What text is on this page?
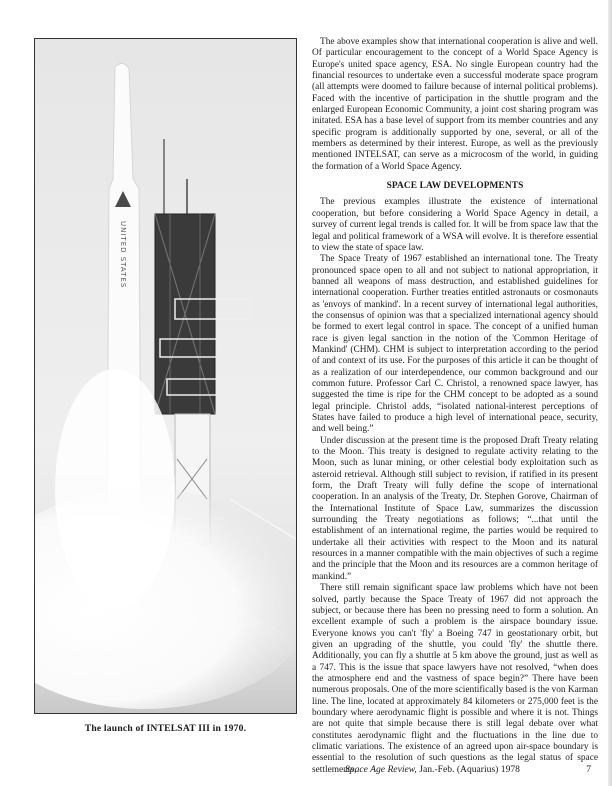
UNITED STATES
The launch of INTELSAT III in 1970.

The above examples show that international cooperation is alive and well. Of particular encouragement to the concept of a World Space Agency is Europe's united space agency, ESA. No single European country had the financial resources to undertake even a successful moderate space program (all attempts were doomed to failure because of internal political problems). Faced with the incentive of participation in the shuttle program and the enlarged European Economic Community, a joint cost sharing program was initated. ESA has a base level of support from its member countries and any specific program is additionally supported by one, several, or all of the members as determined by their interest. Europe, as well as the previously mentioned INTELSAT, can serve as a microcosm of the world, in guiding the formation of a World Space Agency.

SPACE LAW DEVELOPMENTS

The previous examples illustrate the existence of international cooperation, but before considering a World Space Agency in detail, a survey of current legal trends is called for. It will be from space law that the legal and political framework of a WSA will evolve. It is therefore essential to view the state of space law.

The Space Treaty of 1967 established an international tone. The Treaty pronounced space open to all and not subject to national appropriation, it banned all weapons of mass destruction, and established guidelines for international cooperation. Further treaties entitled astronauts or cosmonauts as 'envoys of mankind'. In a recent survey of international legal authorities, the consensus of opinion was that a specialized international agency should be formed to exert legal control in space. The concept of a unified human race is given legal sanction in the notion of the 'Common Heritage of Mankind' (CHM). CHM is subject to interpretation according to the period of and context of its use. For the purposes of this article it can be thought of as a realization of our interdependence, our common background and our common future. Professor Carl C. Christol, a renowned space lawyer, has suggested the time is ripe for the CHM concept to be adopted as a sound legal principle. Christol adds, “isolated national-interest perceptions of States have failed to produce a high level of international peace, security, and well being.”

Under discussion at the present time is the proposed Draft Treaty relating to the Moon. This treaty is designed to regulate activity relating to the Moon, such as lunar mining, or other celestial body exploitation such as asteroid retrieval. Although still subject to revision, if ratified in its present form, the Draft Treaty will fully define the scope of international cooperation. In an analysis of the Treaty, Dr. Stephen Gorove, Chairman of the International Institute of Space Law, summarizes the discussion surrounding the Treaty negotiations as follows; “...that until the establishment of an international regime, the parties would be required to undertake all their activities with respect to the Moon and its natural resources in a manner compatible with the main objectives of such a regime and the principle that the Moon and its resources are a common heritage of mankind.”

There still remain significant space law problems which have not been solved, partly because the Space Treaty of 1967 did not approach the subject, or because there has been no pressing need to form a solution. An excellent example of such a problem is the airspace boundary issue. Everyone knows you can't 'fly' a Boeing 747 in geostationary orbit, but given an upgrading of the shuttle, you could 'fly' the shuttle there. Additionally, you can fly a shuttle at 5 km above the ground, just as well as a 747. This is the issue that space lawyers have not resolved, “when does the atmosphere end and the vastness of space begin?” There have been numerous proposals. One of the more scientifically based is the von Karman line. The line, located at approximately 84 kilometers or 275,000 feet is the boundary where aerodynamic flight is possible and where it is not. Things are not quite that simple because there is still legal debate over what constitutes aerodynamic flight and the fluctuations in the line due to climatic variations. The existence of an agreed upon air-space boundary is essential to the resolution of such questions as the legal status of space settlements,

Space Age Review, Jan.-Feb. (Aquarius) 1978	7
